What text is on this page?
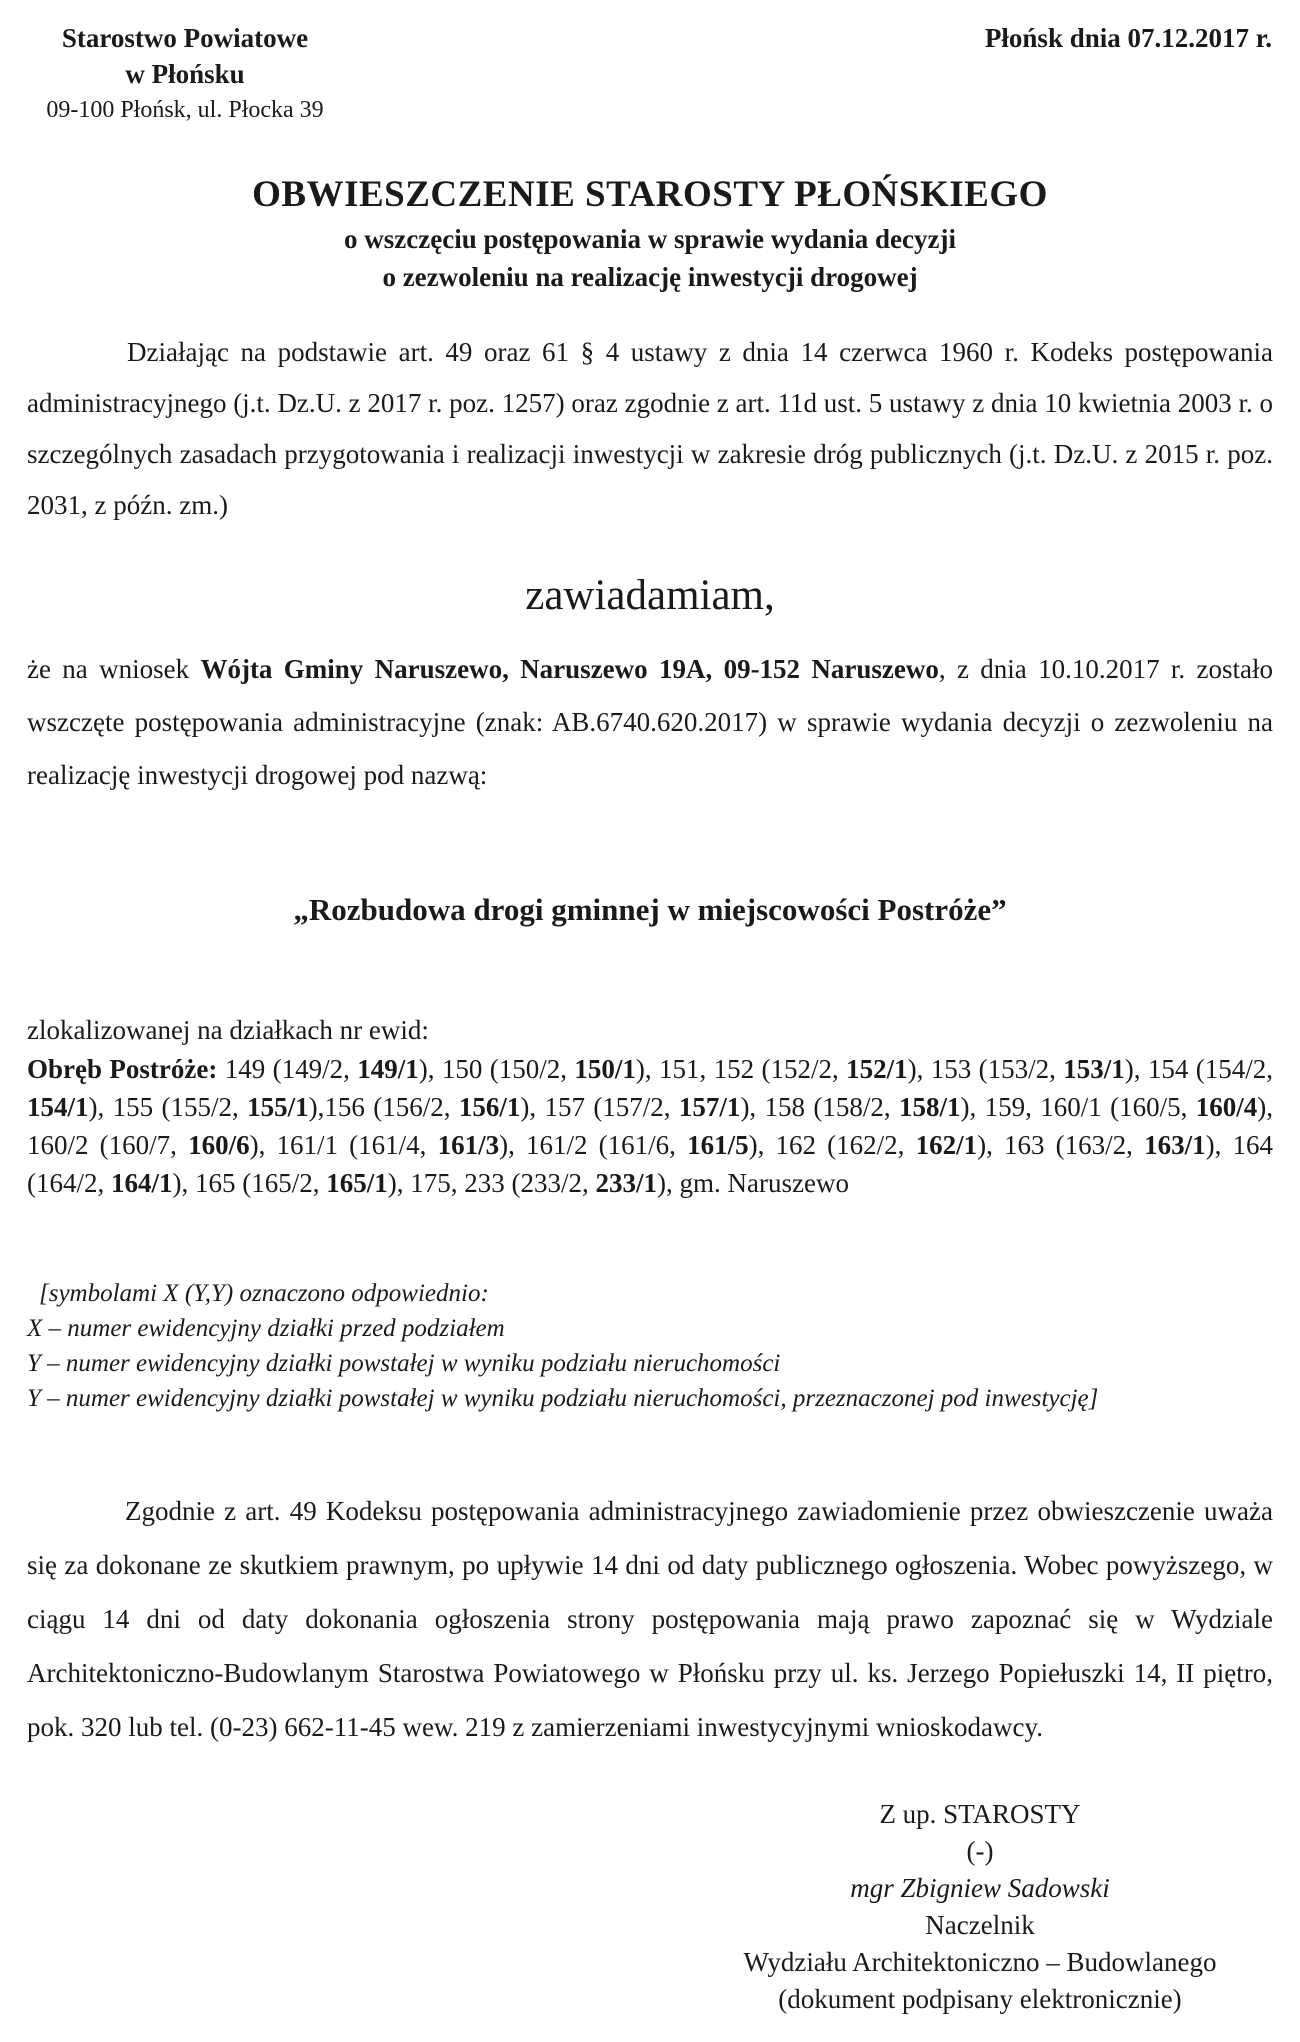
Starostwo Powiatowe
w Płońsku
09-100 Płońsk, ul. Płocka 39
Płońsk dnia 07.12.2017 r.
OBWIESZCZENIE STAROSTY PŁOŃSKIEGO
o wszczęciu postępowania w sprawie wydania decyzji
o zezwoleniu na realizację inwestycji drogowej
Działając na podstawie art. 49 oraz 61 § 4 ustawy z dnia 14 czerwca 1960 r. Kodeks postępowania administracyjnego (j.t. Dz.U. z 2017 r. poz. 1257) oraz zgodnie z art. 11d ust. 5 ustawy z dnia 10 kwietnia 2003 r. o szczególnych zasadach przygotowania i realizacji inwestycji w zakresie dróg publicznych (j.t. Dz.U. z 2015 r. poz. 2031, z późn. zm.)
zawiadamiam,
że na wniosek Wójta Gminy Naruszewo, Naruszewo 19A, 09-152 Naruszewo, z dnia 10.10.2017 r. zostało wszczęte postępowania administracyjne (znak: AB.6740.620.2017) w sprawie wydania decyzji o zezwoleniu na realizację inwestycji drogowej pod nazwą:
„Rozbudowa drogi gminnej w miejscowości Postróże”
zlokalizowanej na działkach nr ewid:
Obręb Postróże: 149 (149/2, 149/1), 150 (150/2, 150/1), 151, 152 (152/2, 152/1), 153 (153/2, 153/1), 154 (154/2, 154/1), 155 (155/2, 155/1),156 (156/2, 156/1), 157 (157/2, 157/1), 158 (158/2, 158/1), 159, 160/1 (160/5, 160/4), 160/2 (160/7, 160/6), 161/1 (161/4, 161/3), 161/2 (161/6, 161/5), 162 (162/2, 162/1), 163 (163/2, 163/1), 164 (164/2, 164/1), 165 (165/2, 165/1), 175, 233 (233/2, 233/1), gm. Naruszewo
[symbolami X (Y,Y) oznaczono odpowiednio:
X – numer ewidencyjny działki przed podziałem
Y – numer ewidencyjny działki powstałej w wyniku podziału nieruchomości
Y – numer ewidencyjny działki powstałej w wyniku podziału nieruchomości, przeznaczonej pod inwestycję]
Zgodnie z art. 49 Kodeksu postępowania administracyjnego zawiadomienie przez obwieszczenie uważa się za dokonane ze skutkiem prawnym, po upływie 14 dni od daty publicznego ogłoszenia. Wobec powyższego, w ciągu 14 dni od daty dokonania ogłoszenia strony postępowania mają prawo zapoznać się w Wydziale Architektoniczno-Budowlanym Starostwa Powiatowego w Płońsku przy ul. ks. Jerzego Popiełuszki 14, II piętro, pok. 320 lub tel. (0-23) 662-11-45 wew. 219 z zamierzeniami inwestycyjnymi wnioskodawcy.
Z up. STAROSTY
(-)
mgr Zbigniew Sadowski
Naczelnik
Wydziału Architektoniczno – Budowlanego
(dokument podpisany elektronicznie)
